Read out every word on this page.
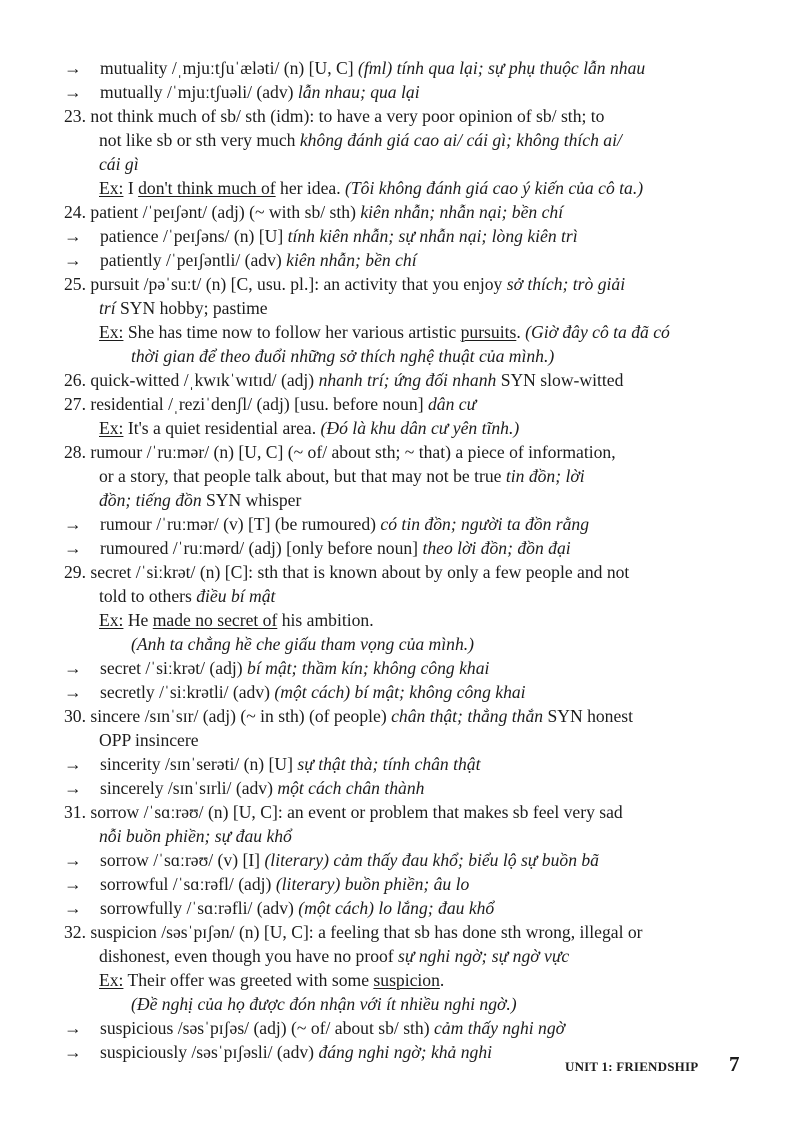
→	mutuality /ˌmjuːtʃuˈæləti/ (n) [U, C] (fml) tính qua lại; sự phụ thuộc lẫn nhau
→	mutually /ˈmjuːtʃuəli/ (adv) lẫn nhau; qua lại
23. not think much of sb/ sth (idm): to have a very poor opinion of sb/ sth; to
not like sb or sth very much không đánh giá cao ai/ cái gì; không thích ai/
cái gì
Ex: I don't think much of her idea. (Tôi không đánh giá cao ý kiến của cô ta.)
24. patient /ˈpeɪʃənt/ (adj) (~ with sb/ sth) kiên nhẫn; nhẫn nại; bền chí
→	patience /ˈpeɪʃəns/ (n) [U] tính kiên nhẫn; sự nhẫn nại; lòng kiên trì
→	patiently /ˈpeɪʃəntli/ (adv) kiên nhẫn; bền chí
25. pursuit /pəˈsuːt/ (n) [C, usu. pl.]: an activity that you enjoy sở thích; trò giải
trí SYN hobby; pastime
Ex: She has time now to follow her various artistic pursuits. (Giờ đây cô ta đã có
thời gian để theo đuổi những sở thích nghệ thuật của mình.)
26. quick-witted /ˌkwɪkˈwɪtɪd/ (adj) nhanh trí; ứng đối nhanh SYN slow-witted
27. residential /ˌreziˈdenʃl/ (adj) [usu. before noun] dân cư
Ex: It's a quiet residential area. (Đó là khu dân cư yên tĩnh.)
28. rumour /ˈruːmər/ (n) [U, C] (~ of/ about sth; ~ that) a piece of information,
or a story, that people talk about, but that may not be true tin đồn; lời
đồn; tiếng đồn SYN whisper
→	rumour /ˈruːmər/ (v) [T] (be rumoured) có tin đồn; người ta đồn rằng
→	rumoured /ˈruːmərd/ (adj) [only before noun] theo lời đồn; đồn đại
29. secret /ˈsiːkrət/ (n) [C]: sth that is known about by only a few people and not
told to others điều bí mật
Ex: He made no secret of his ambition.
(Anh ta chẳng hề che giấu tham vọng của mình.)
→	secret /ˈsiːkrət/ (adj) bí mật; thầm kín; không công khai
→	secretly /ˈsiːkrətli/ (adv) (một cách) bí mật; không công khai
30. sincere /sɪnˈsɪr/ (adj) (~ in sth) (of people) chân thật; thẳng thắn SYN honest
OPP insincere
→	sincerity /sɪnˈserəti/ (n) [U] sự thật thà; tính chân thật
→	sincerely /sɪnˈsɪrli/ (adv) một cách chân thành
31. sorrow /ˈsɑːrəʊ/ (n) [U, C]: an event or problem that makes sb feel very sad
nỗi buồn phiền; sự đau khổ
→	sorrow /ˈsɑːrəʊ/ (v) [I] (literary) cảm thấy đau khổ; biểu lộ sự buồn bã
→	sorrowful /ˈsɑːrəfl/ (adj) (literary) buồn phiền; âu lo
→	sorrowfully /ˈsɑːrəfli/ (adv) (một cách) lo lắng; đau khổ
32. suspicion /səsˈpɪʃən/ (n) [U, C]: a feeling that sb has done sth wrong, illegal or
dishonest, even though you have no proof sự nghi ngờ; sự ngờ vực
Ex: Their offer was greeted with some suspicion.
(Đề nghị của họ được đón nhận với ít nhiều nghi ngờ.)
→	suspicious /səsˈpɪʃəs/ (adj) (~ of/ about sb/ sth) cảm thấy nghi ngờ
→	suspiciously /səsˈpɪʃəsli/ (adv) đáng nghi ngờ; khả nghi
UNIT 1: FRIENDSHIP 7
